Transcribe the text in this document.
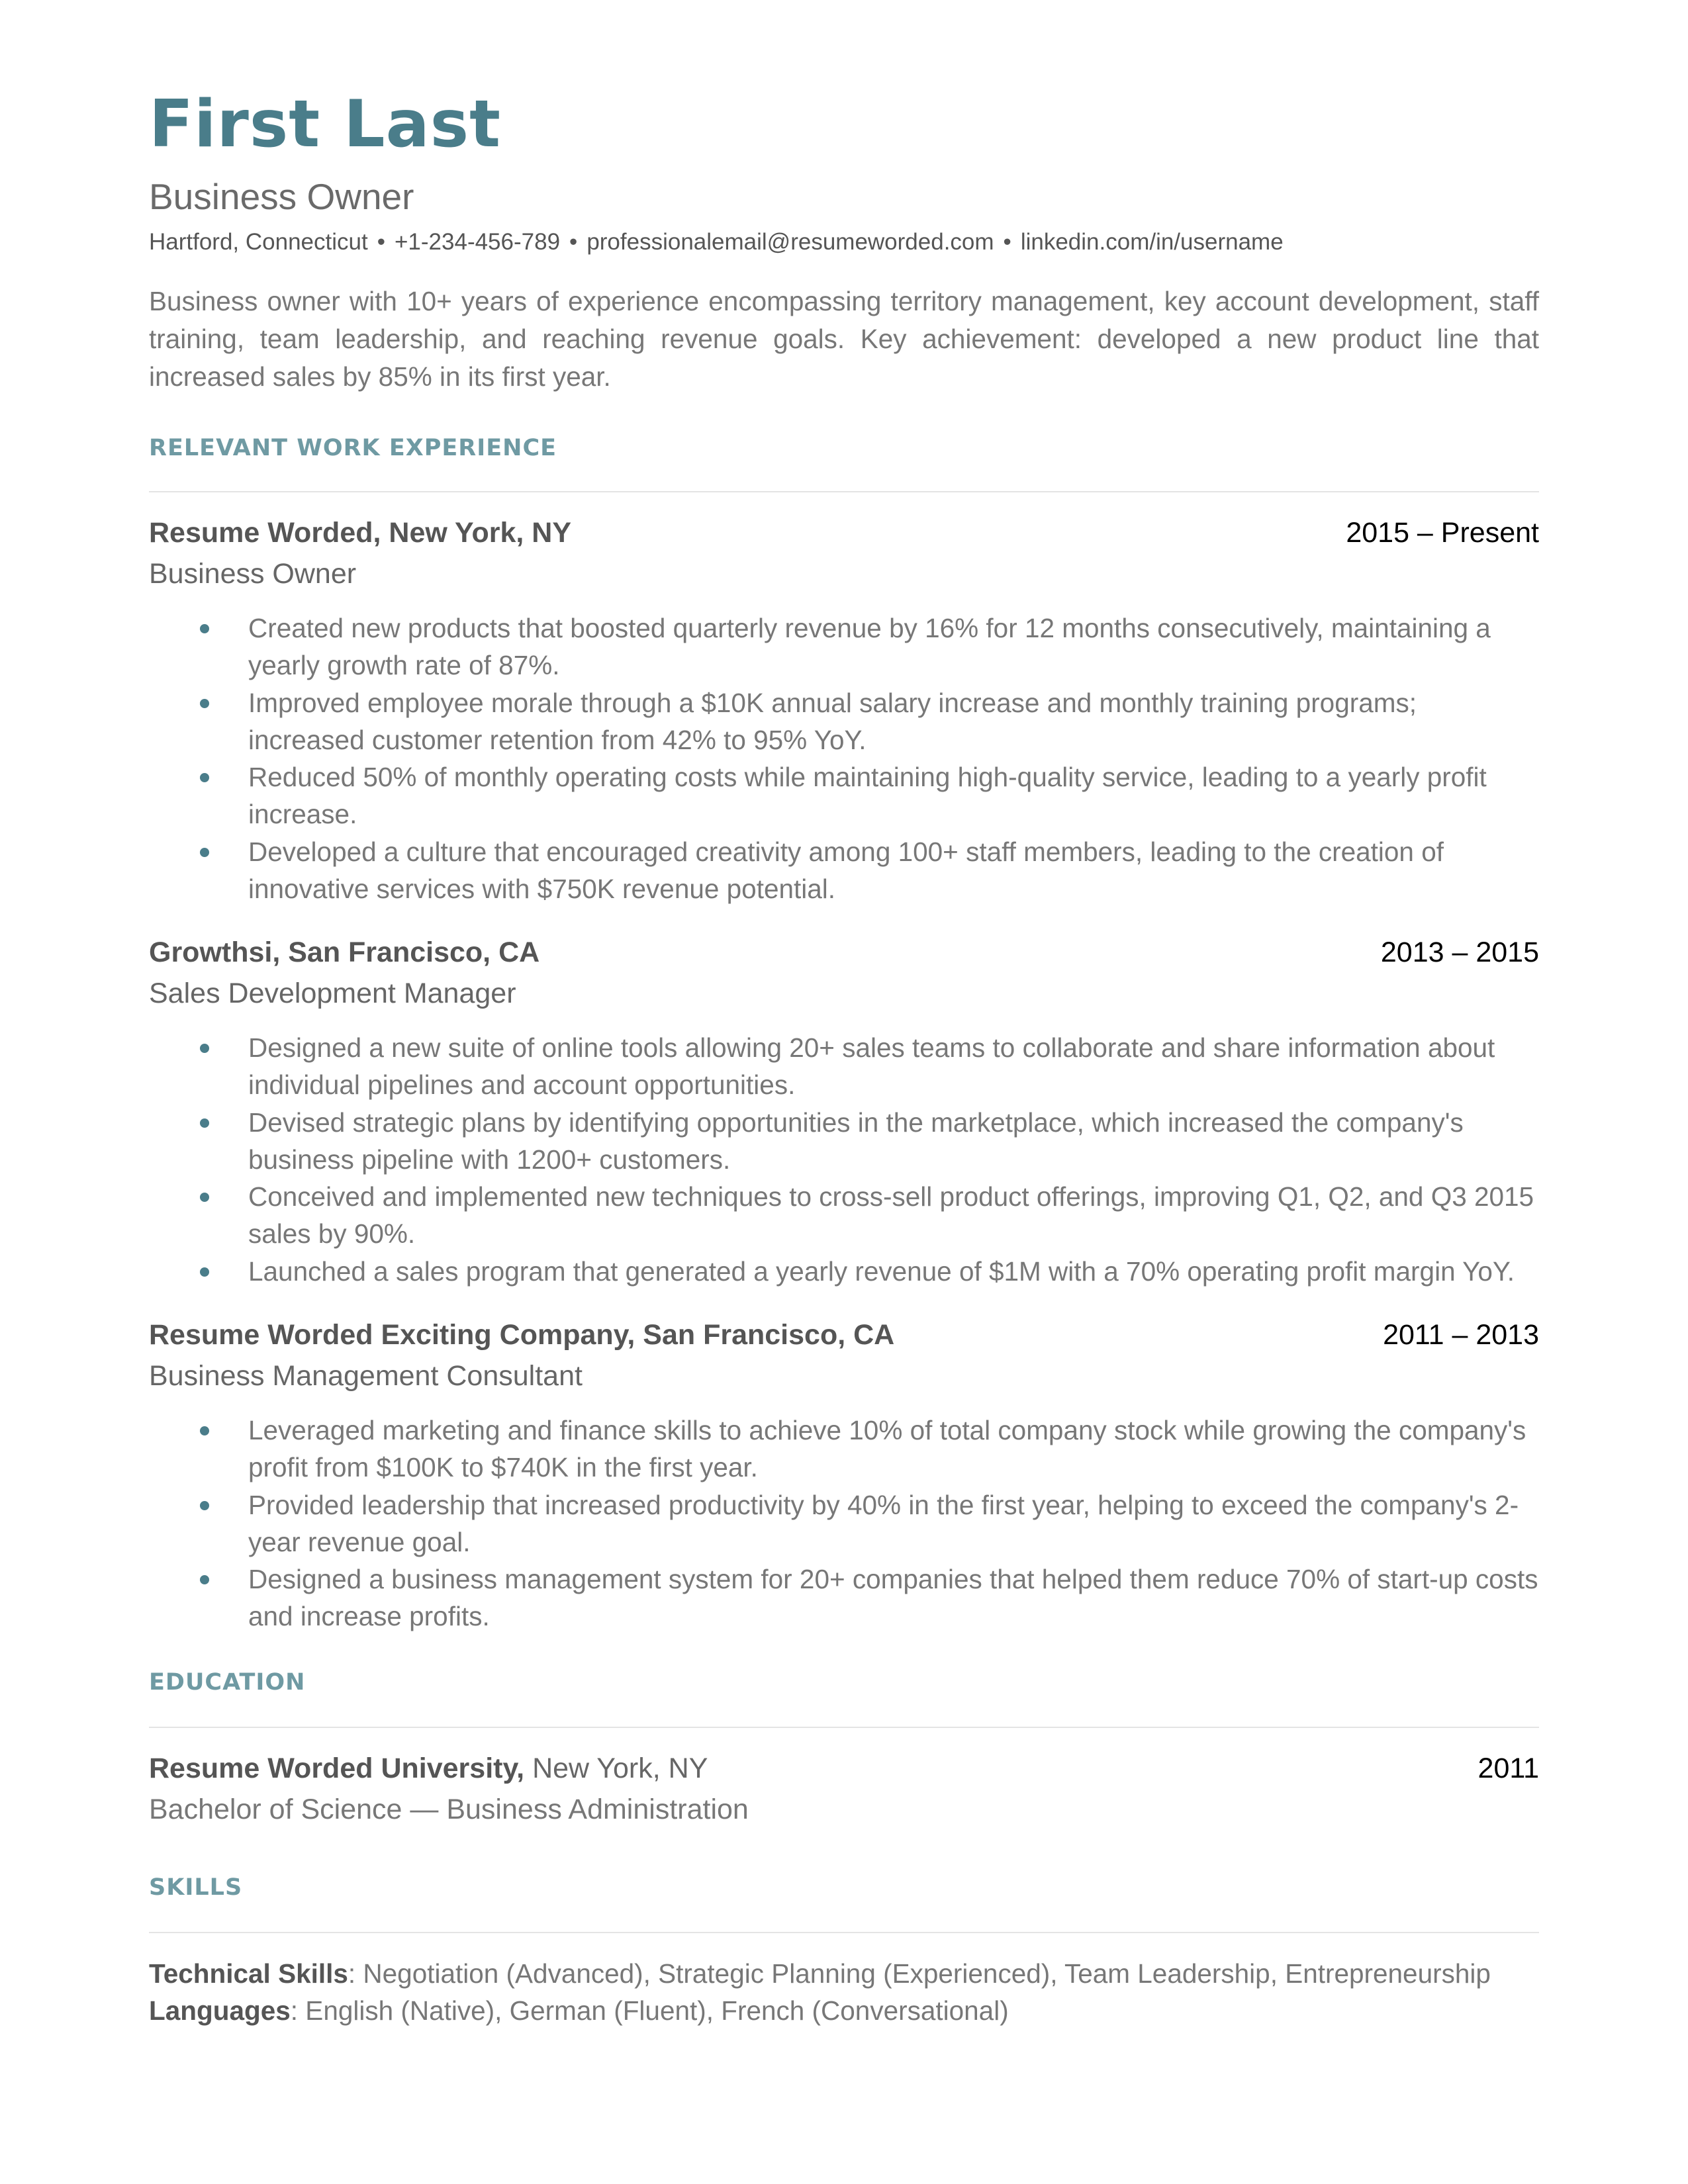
First Last
Business Owner
Hartford, Connecticut • +1-234-456-789 • professionalemail@resumeworded.com • linkedin.com/in/username
Business owner with 10+ years of experience encompassing territory management, key account development, staff training, team leadership, and reaching revenue goals. Key achievement: developed a new product line that increased sales by 85% in its first year.
RELEVANT WORK EXPERIENCE
Resume Worded, New York, NY	2015 – Present
Business Owner
Created new products that boosted quarterly revenue by 16% for 12 months consecutively, maintaining a yearly growth rate of 87%.
Improved employee morale through a $10K annual salary increase and monthly training programs; increased customer retention from 42% to 95% YoY.
Reduced 50% of monthly operating costs while maintaining high-quality service, leading to a yearly profit increase.
Developed a culture that encouraged creativity among 100+ staff members, leading to the creation of innovative services with $750K revenue potential.
Growthsi, San Francisco, CA	2013 – 2015
Sales Development Manager
Designed a new suite of online tools allowing 20+ sales teams to collaborate and share information about individual pipelines and account opportunities.
Devised strategic plans by identifying opportunities in the marketplace, which increased the company's business pipeline with 1200+ customers.
Conceived and implemented new techniques to cross-sell product offerings, improving Q1, Q2, and Q3 2015 sales by 90%.
Launched a sales program that generated a yearly revenue of $1M with a 70% operating profit margin YoY.
Resume Worded Exciting Company, San Francisco, CA	2011 – 2013
Business Management Consultant
Leveraged marketing and finance skills to achieve 10% of total company stock while growing the company's profit from $100K to $740K in the first year.
Provided leadership that increased productivity by 40% in the first year, helping to exceed the company's 2-year revenue goal.
Designed a business management system for 20+ companies that helped them reduce 70% of start-up costs and increase profits.
EDUCATION
Resume Worded University, New York, NY	2011
Bachelor of Science — Business Administration
SKILLS
Technical Skills: Negotiation (Advanced), Strategic Planning (Experienced), Team Leadership, Entrepreneurship
Languages: English (Native), German (Fluent), French (Conversational)
